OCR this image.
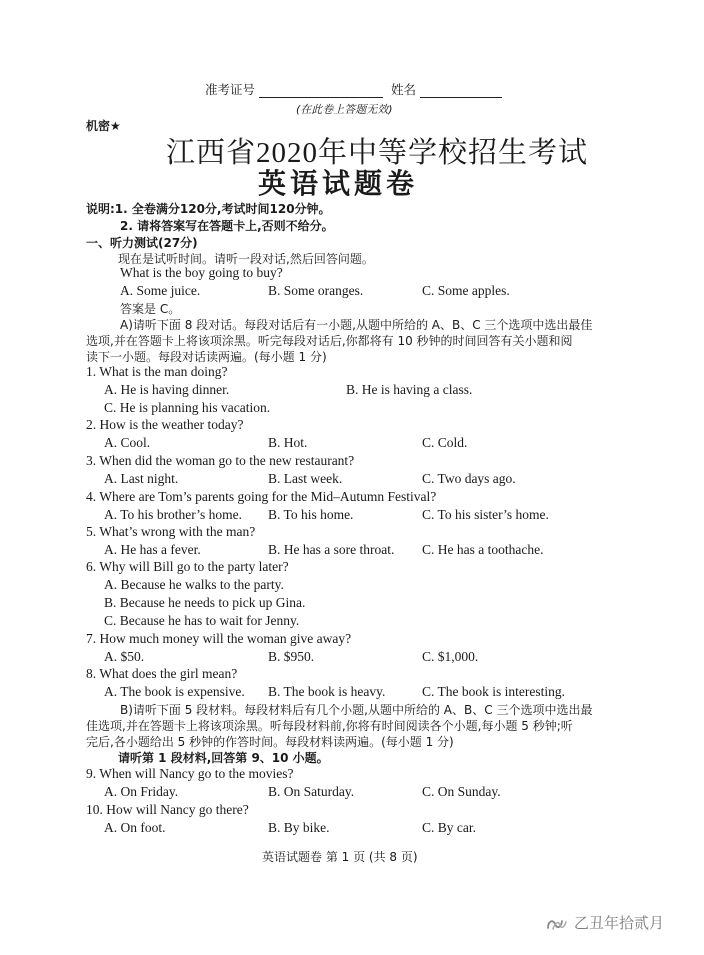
准考证号	姓名
(在此卷上答题无效)
机密★
江西省2020年中等学校招生考试
英语试题卷
说明:1. 全卷满分120分,考试时间120分钟。
2. 请将答案写在答题卡上,否则不给分。
一、听力测试(27分)
现在是试听时间。请听一段对话,然后回答问题。
What is the boy going to buy?
A. Some juice.	B. Some oranges.	C. Some apples.
答案是 C。
A)请听下面 8 段对话。每段对话后有一小题,从题中所给的 A、B、C 三个选项中选出最佳
选项,并在答题卡上将该项涂黑。听完每段对话后,你都将有 10 秒钟的时间回答有关小题和阅
读下一小题。每段对话读两遍。(每小题 1 分)
1. What is the man doing?
A. He is having dinner.	B. He is having a class.
C. He is planning his vacation.
2. How is the weather today?
A. Cool.	B. Hot.	C. Cold.
3. When did the woman go to the new restaurant?
A. Last night.	B. Last week.	C. Two days ago.
4. Where are Tom’s parents going for the Mid–Autumn Festival?
A. To his brother’s home. B. To his home.	C. To his sister’s home.
5. What’s wrong with the man?
A. He has a fever.	B. He has a sore throat. C. He has a toothache.
6. Why will Bill go to the party later?
A. Because he walks to the party.
B. Because he needs to pick up Gina.
C. Because he has to wait for Jenny.
7. How much money will the woman give away?
A. $50.	B. $950.	C. $1,000.
8. What does the girl mean?
A. The book is expensive. B. The book is heavy.	C. The book is interesting.
B)请听下面 5 段材料。每段材料后有几个小题,从题中所给的 A、B、C 三个选项中选出最
佳选项,并在答题卡上将该项涂黑。听每段材料前,你将有时间阅读各个小题,每小题 5 秒钟;听
完后,各小题给出 5 秒钟的作答时间。每段材料读两遍。(每小题 1 分)
请听第 1 段材料,回答第 9、10 小题。
9. When will Nancy go to the movies?
A. On Friday.	B. On Saturday.	C. On Sunday.
10. How will Nancy go there?
A. On foot.	B. By bike.	C. By car.
英语试题卷 第 1 页 (共 8 页)
乙丑年拾贰月
